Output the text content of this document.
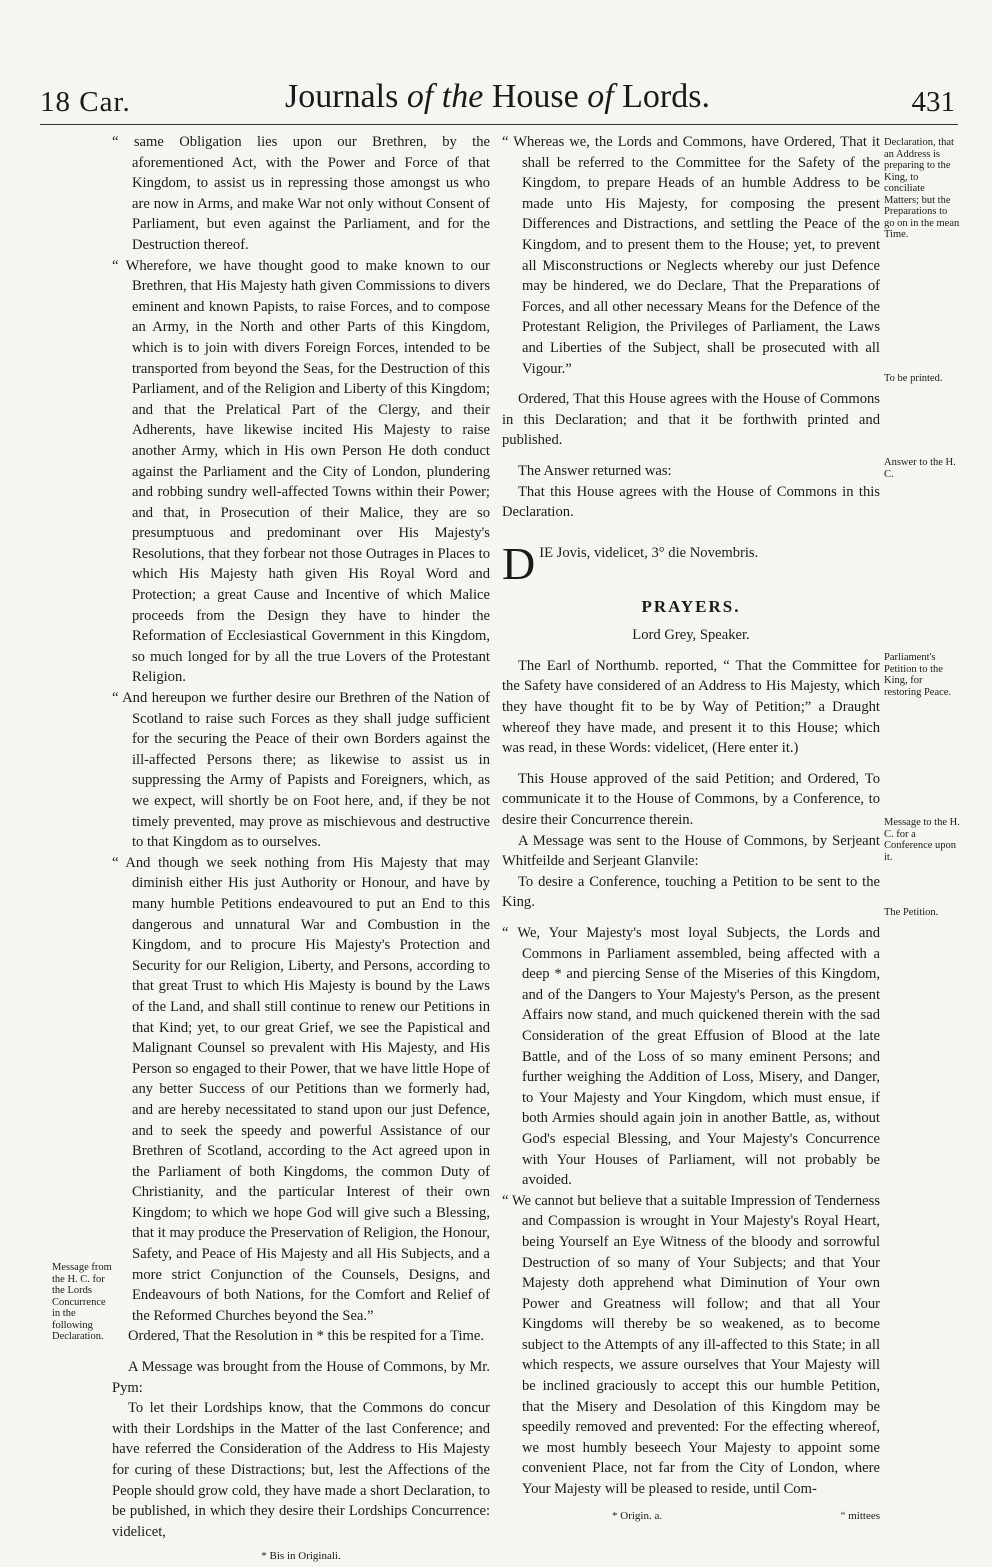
18 Car.	Journals of the House of Lords.	431

“ same Obligation lies upon our Brethren, by the aforementioned Act, with the Power and Force of that Kingdom, to assist us in repressing those amongst us who are now in Arms, and make War not only without Consent of Parliament, but even against the Parliament, and for the Destruction thereof.

“ Wherefore, we have thought good to make known to our Brethren, that His Majesty hath given Commissions to divers eminent and known Papists, to raise Forces, and to compose an Army, in the North and other Parts of this Kingdom, which is to join with divers Foreign Forces, intended to be transported from beyond the Seas, for the Destruction of this Parliament, and of the Religion and Liberty of this Kingdom; and that the Prelatical Part of the Clergy, and their Adherents, have likewise incited His Majesty to raise another Army, which in His own Person He doth conduct against the Parliament and the City of London, plundering and robbing sundry well-affected Towns within their Power; and that, in Prosecution of their Malice, they are so presumptuous and predominant over His Majesty's Resolutions, that they forbear not those Outrages in Places to which His Majesty hath given His Royal Word and Protection; a great Cause and Incentive of which Malice proceeds from the Design they have to hinder the Reformation of Ecclesiastical Government in this Kingdom, so much longed for by all the true Lovers of the Protestant Religion.

“ And hereupon we further desire our Brethren of the Nation of Scotland to raise such Forces as they shall judge sufficient for the securing the Peace of their own Borders against the ill-affected Persons there; as likewise to assist us in suppressing the Army of Papists and Foreigners, which, as we expect, will shortly be on Foot here, and, if they be not timely prevented, may prove as mischievous and destructive to that Kingdom as to ourselves.

“ And though we seek nothing from His Majesty that may diminish either His just Authority or Honour, and have by many humble Petitions endeavoured to put an End to this dangerous and unnatural War and Combustion in the Kingdom, and to procure His Majesty's Protection and Security for our Religion, Liberty, and Persons, according to that great Trust to which His Majesty is bound by the Laws of the Land, and shall still continue to renew our Petitions in that Kind; yet, to our great Grief, we see the Papistical and Malignant Counsel so prevalent with His Majesty, and His Person so engaged to their Power, that we have little Hope of any better Success of our Petitions than we formerly had, and are hereby necessitated to stand upon our just Defence, and to seek the speedy and powerful Assistance of our Brethren of Scotland, according to the Act agreed upon in the Parliament of both Kingdoms, the common Duty of Christianity, and the particular Interest of their own Kingdom; to which we hope God will give such a Blessing, that it may produce the Preservation of Religion, the Honour, Safety, and Peace of His Majesty and all His Subjects, and a more strict Conjunction of the Counsels, Designs, and Endeavours of both Nations, for the Comfort and Relief of the Reformed Churches beyond the Sea.”

Ordered, That the Resolution in * this be respited for a Time.

A Message was brought from the House of Commons, by Mr. Pym:

To let their Lordships know, that the Commons do concur with their Lordships in the Matter of the last Conference; and have referred the Consideration of the Address to His Majesty for curing of these Distractions; but, lest the Affections of the People should grow cold, they have made a short Declaration, to be published, in which they desire their Lordships Concurrence: videlicet,

* Bis in Originali.

“ Whereas we, the Lords and Commons, have Ordered, That it shall be referred to the Committee for the Safety of the Kingdom, to prepare Heads of an humble Address to be made unto His Majesty, for composing the present Differences and Distractions, and settling the Peace of the Kingdom, and to present them to the House; yet, to prevent all Misconstructions or Neglects whereby our just Defence may be hindered, we do Declare, That the Preparations of Forces, and all other necessary Means for the Defence of the Protestant Religion, the Privileges of Parliament, the Laws and Liberties of the Subject, shall be prosecuted with all Vigour.”

Ordered, That this House agrees with the House of Commons in this Declaration; and that it be forthwith printed and published.

The Answer returned was:

That this House agrees with the House of Commons in this Declaration.

DIE Jovis, videlicet, 3° die Novembris.

PRAYERS.
Lord Grey, Speaker.

The Earl of Northumb. reported, “ That the Committee for the Safety have considered of an Address to His Majesty, which they have thought fit to be by Way of Petition;” a Draught whereof they have made, and present it to this House; which was read, in these Words: videlicet, (Here enter it.)

This House approved of the said Petition; and Ordered, To communicate it to the House of Commons, by a Conference, to desire their Concurrence therein.

A Message was sent to the House of Commons, by Serjeant Whitfeilde and Serjeant Glanvile:

To desire a Conference, touching a Petition to be sent to the King.

“ We, Your Majesty's most loyal Subjects, the Lords and Commons in Parliament assembled, being affected with a deep * and piercing Sense of the Miseries of this Kingdom, and of the Dangers to Your Majesty's Person, as the present Affairs now stand, and much quickened therein with the sad Consideration of the great Effusion of Blood at the late Battle, and of the Loss of so many eminent Persons; and further weighing the Addition of Loss, Misery, and Danger, to Your Majesty and Your Kingdom, which must ensue, if both Armies should again join in another Battle, as, without God's especial Blessing, and Your Majesty's Concurrence with Your Houses of Parliament, will not probably be avoided.

“ We cannot but believe that a suitable Impression of Tenderness and Compassion is wrought in Your Majesty's Royal Heart, being Yourself an Eye Witness of the bloody and sorrowful Destruction of so many of Your Subjects; and that Your Majesty doth apprehend what Diminution of Your own Power and Greatness will follow; and that all Your Kingdoms will thereby be so weakened, as to become subject to the Attempts of any ill-affected to this State; in all which respects, we assure ourselves that Your Majesty will be inclined graciously to accept this our humble Petition, that the Misery and Desolation of this Kingdom may be speedily removed and prevented: For the effecting whereof, we most humbly beseech Your Majesty to appoint some convenient Place, not far from the City of London, where Your Majesty will be pleased to reside, until Com-

* Origin. a.	“ mittees
Message from the H. C. for the Lords Concurrence in the following Declaration.
Declaration, that an Address is preparing to the King, to conciliate Matters; but the Preparations to go on in the mean Time.
To be printed.
Answer to the H. C.
Parliament's Petition to the King, for restoring Peace.
Message to the H. C. for a Conference upon it.
The Petition.
